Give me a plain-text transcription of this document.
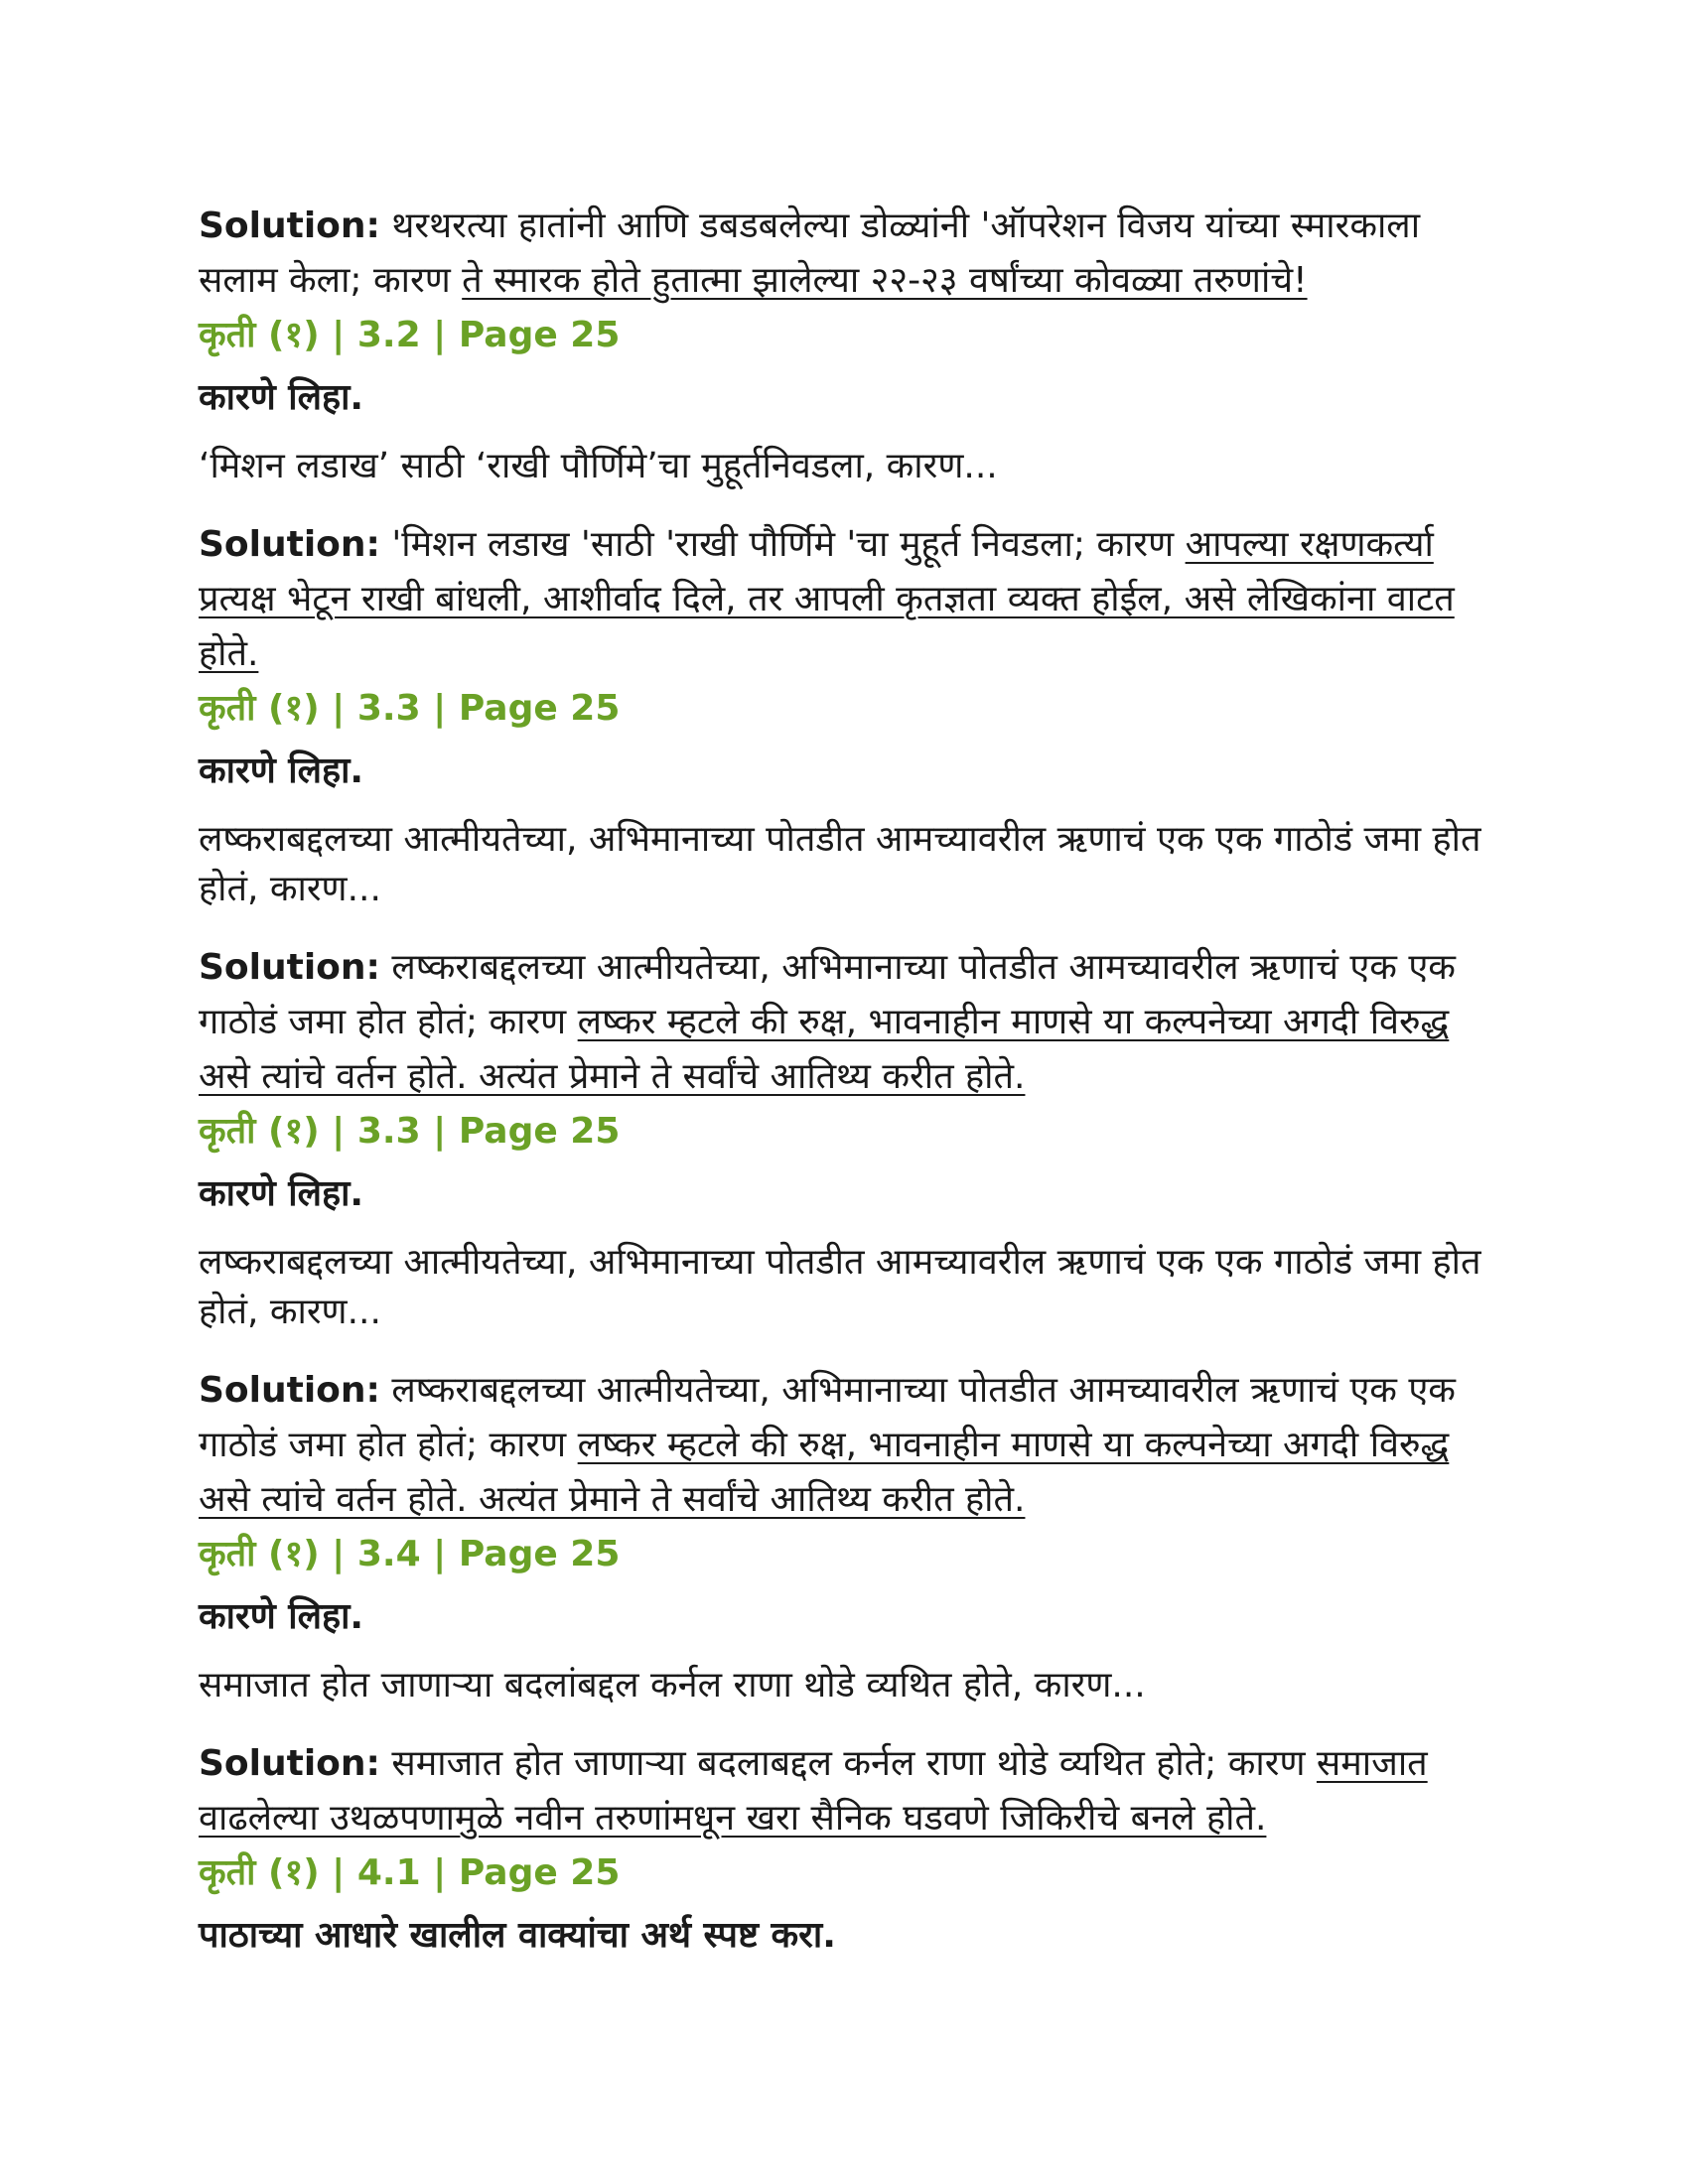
Solution: थरथरत्या हातांनी आणि डबडबलेल्या डोळ्यांनी 'ऑपरेशन विजय यांच्या स्मारकाला सलाम केला; कारण ते स्मारक होते हुतात्मा झालेल्या २२-२३ वर्षांच्या कोवळ्या तरुणांचे!

कृती (१) | 3.2 | Page 25

कारणे लिहा.

‘मिशन लडाख’ साठी ‘राखी पौर्णिमे’चा मुहूर्तनिवडला, कारण...

Solution: 'मिशन लडाख 'साठी 'राखी पौर्णिमे 'चा मुहूर्त निवडला; कारण आपल्या रक्षणकर्त्या प्रत्यक्ष भेटून राखी बांधली, आशीर्वाद दिले, तर आपली कृतज्ञता व्यक्त होईल, असे लेखिकांना वाटत होते.

कृती (१) | 3.3 | Page 25

कारणे लिहा.

लष्कराबद्दलच्या आत्मीयतेच्या, अभिमानाच्या पोतडीत आमच्यावरील ऋणाचं एक एक गाठोडं जमा होत होतं, कारण...

Solution: लष्कराबद्दलच्या आत्मीयतेच्या, अभिमानाच्या पोतडीत आमच्यावरील ऋणाचं एक एक गाठोडं जमा होत होतं; कारण लष्कर म्हटले की रुक्ष, भावनाहीन माणसे या कल्पनेच्या अगदी विरुद्ध असे त्यांचे वर्तन होते. अत्यंत प्रेमाने ते सर्वांचे आतिथ्य करीत होते.

कृती (१) | 3.3 | Page 25

कारणे लिहा.

लष्कराबद्दलच्या आत्मीयतेच्या, अभिमानाच्या पोतडीत आमच्यावरील ऋणाचं एक एक गाठोडं जमा होत होतं, कारण...

Solution: लष्कराबद्दलच्या आत्मीयतेच्या, अभिमानाच्या पोतडीत आमच्यावरील ऋणाचं एक एक गाठोडं जमा होत होतं; कारण लष्कर म्हटले की रुक्ष, भावनाहीन माणसे या कल्पनेच्या अगदी विरुद्ध असे त्यांचे वर्तन होते. अत्यंत प्रेमाने ते सर्वांचे आतिथ्य करीत होते.

कृती (१) | 3.4 | Page 25

कारणे लिहा.

समाजात होत जाणाऱ्या बदलांबद्दल कर्नल राणा थोडे व्यथित होते, कारण...

Solution: समाजात होत जाणाऱ्या बदलाबद्दल कर्नल राणा थोडे व्यथित होते; कारण समाजात वाढलेल्या उथळपणामुळे नवीन तरुणांमधून खरा सैनिक घडवणे जिकिरीचे बनले होते.

कृती (१) | 4.1 | Page 25

पाठाच्या आधारे खालील वाक्यांचा अर्थ स्पष्ट करा.
